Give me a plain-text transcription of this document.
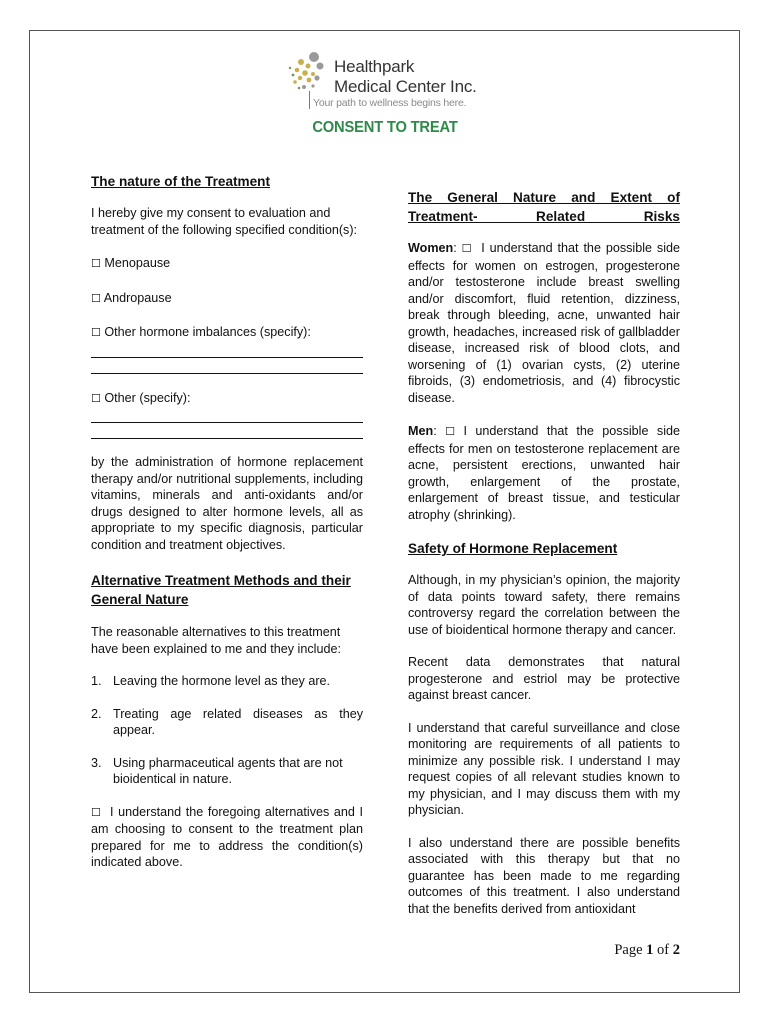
Healthpark
Medical Center Inc.
Your path to wellness begins here.
CONSENT TO TREAT
The nature of the Treatment
I hereby give my consent to evaluation and treatment of the following specified condition(s):
☐ Menopause
☐ Andropause
☐ Other hormone imbalances (specify):
☐ Other (specify):
by the administration of hormone replacement therapy and/or nutritional supplements, including vitamins, minerals and anti-oxidants and/or drugs designed to alter hormone levels, all as appropriate to my specific diagnosis, particular condition and treatment objectives.
Alternative Treatment Methods and their General Nature
The reasonable alternatives to this treatment have been explained to me and they include:
1. Leaving the hormone level as they are.
2. Treating age related diseases as they appear.
3. Using pharmaceutical agents that are not bioidentical in nature.
☐ I understand the foregoing alternatives and I am choosing to consent to the treatment plan prepared for me to address the condition(s) indicated above.
The General Nature and Extent of Treatment- Related Risks
Women: ☐ I understand that the possible side effects for women on estrogen, progesterone and/or testosterone include breast swelling and/or discomfort, fluid retention, dizziness, break through bleeding, acne, unwanted hair growth, headaches, increased risk of gallbladder disease, increased risk of blood clots, and worsening of (1) ovarian cysts, (2) uterine fibroids, (3) endometriosis, and (4) fibrocystic disease.
Men: ☐ I understand that the possible side effects for men on testosterone replacement are acne, persistent erections, unwanted hair growth, enlargement of the prostate, enlargement of breast tissue, and testicular atrophy (shrinking).
Safety of Hormone Replacement
Although, in my physician’s opinion, the majority of data points toward safety, there remains controversy regard the correlation between the use of bioidentical hormone therapy and cancer.
Recent data demonstrates that natural progesterone and estriol may be protective against breast cancer.
I understand that careful surveillance and close monitoring are requirements of all patients to minimize any possible risk. I understand I may request copies of all relevant studies known to my physician, and I may discuss them with my physician.
I also understand there are possible benefits associated with this therapy but that no guarantee has been made to me regarding outcomes of this treatment. I also understand that the benefits derived from antioxidant
Page 1 of 2
